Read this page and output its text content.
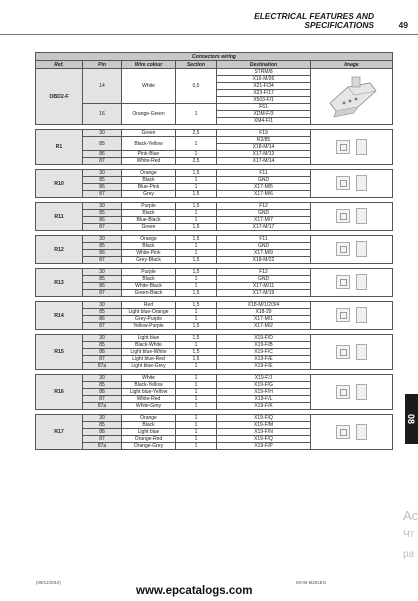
ELECTRICAL FEATURES AND
SPECIFICATIONS	49
Connectors wiring					
Ref.	Pin	Wire colour	Section	Destination	Image
OBD2-F	14	White	0,5	STRM/8	
				X16-M/26	
				X21-F/34	
				X23-F/17	
				X503-F/1	
	16	Orange-Green	1	F61	
				XDM-F/3	
				XM4-F/1	

R1	30	Green	2,5	F19	

	85	Black-Yellow	1	R2/85	
				X18-M/14	
	86	Pink-Blue	1	X17-M/13	
	87	White-Red	2,5	X17-M/14	

R10	30	Orange	1,5	F11	

	85	Black	1	GND	
	86	Blue-Pink	1	X17-M/5	
	87	Grey	1,5	X17-M/6	

R11	30	Purple	1,5	F12	

	85	Black	1	GND	
	86	Blue-Black	1	X17-M/7	
	87	Green	1,5	X17-M/17	

R12	30	Orange	1,5	F11	

	85	Black	1	GND	
	86	White-Pink	1	X17-M/9	
	87	Grey-Black	1,5	X18-M/22	

R13	30	Purple	1,5	F12	

	85	Black	1	GND	
	86	White-Black	1	X17-M/11	
	87	Green-Black	1,5	X17-M/19	

R14	30	Red	1,5	X18-M/1/2/3/4	

	85	Light blue-Orange	1	X18-29	
	86	Grey-Purple	1	X17-M/1	
	87	Yellow-Purple	1,5	X17-M/2	

R15	30	Light blue	1,5	X19-F/D	

	85	Black-White	1	X19-F/B	
	86	Light blue-White	1,5	X19-F/C	
	87	Light blue-Red	1,5	X19-F/E	
	87a	Light blue-Grey	1	X19-F/E	

R16	30	White	1	X19-F/J	

	85	Black-Yellow	1	X19-F/G	
	86	Light blue-Yellow	1	X19-F/H	
	87	White-Red	1	X19-F/L	
	87a	White-Grey	1	X19-F/K	

R17	30	Orange	1	X19-F/Q	

	85	Black	1	X19-F/M	
	86	Light blue	1	X19-F/N	
	87	Orange-Red	1	X19-F/Q	
	87a	Orange-Grey	1	X19-F/P	
08
Ac
Чт
ра
(09/12/2019)	00-00-M201EN
www.epcatalogs.com
